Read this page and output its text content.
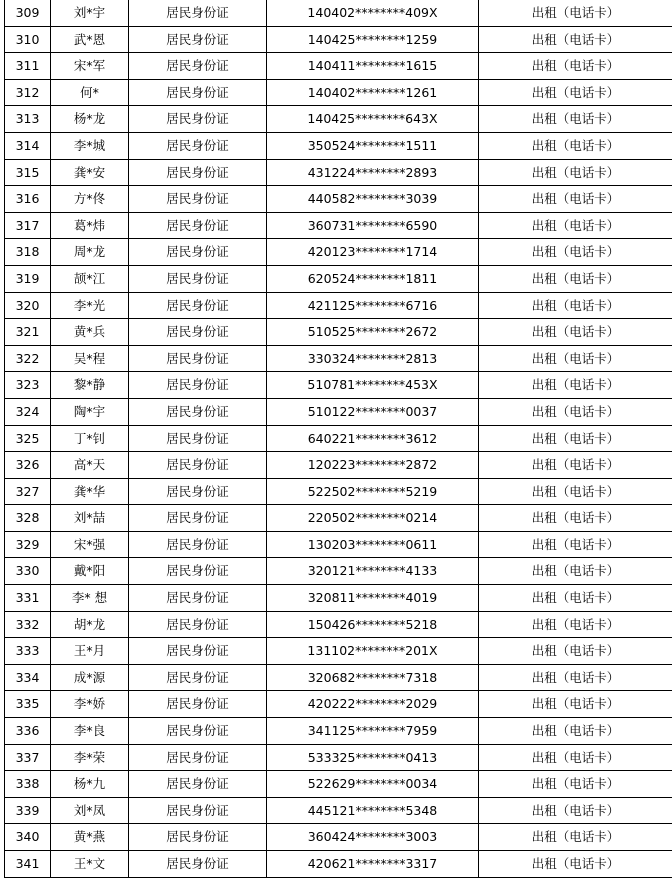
309	刘*宇	居民身份证	140402********409X	出租（电话卡）
310	武*恩	居民身份证	140425********1259	出租（电话卡）
311	宋*军	居民身份证	140411********1615	出租（电话卡）
312	何*	居民身份证	140402********1261	出租（电话卡）
313	杨*龙	居民身份证	140425********643X	出租（电话卡）
314	李*城	居民身份证	350524********1511	出租（电话卡）
315	龚*安	居民身份证	431224********2893	出租（电话卡）
316	方*佟	居民身份证	440582********3039	出租（电话卡）
317	葛*炜	居民身份证	360731********6590	出租（电话卡）
318	周*龙	居民身份证	420123********1714	出租（电话卡）
319	颉*江	居民身份证	620524********1811	出租（电话卡）
320	李*光	居民身份证	421125********6716	出租（电话卡）
321	黄*兵	居民身份证	510525********2672	出租（电话卡）
322	吴*程	居民身份证	330324********2813	出租（电话卡）
323	黎*静	居民身份证	510781********453X	出租（电话卡）
324	陶*宇	居民身份证	510122********0037	出租（电话卡）
325	丁*钊	居民身份证	640221********3612	出租（电话卡）
326	高*天	居民身份证	120223********2872	出租（电话卡）
327	龚*华	居民身份证	522502********5219	出租（电话卡）
328	刘*喆	居民身份证	220502********0214	出租（电话卡）
329	宋*强	居民身份证	130203********0611	出租（电话卡）
330	戴*阳	居民身份证	320121********4133	出租（电话卡）
331	李* 想	居民身份证	320811********4019	出租（电话卡）
332	胡*龙	居民身份证	150426********5218	出租（电话卡）
333	王*月	居民身份证	131102********201X	出租（电话卡）
334	成*源	居民身份证	320682********7318	出租（电话卡）
335	李*娇	居民身份证	420222********2029	出租（电话卡）
336	李*良	居民身份证	341125********7959	出租（电话卡）
337	李*荣	居民身份证	533325********0413	出租（电话卡）
338	杨*九	居民身份证	522629********0034	出租（电话卡）
339	刘*凤	居民身份证	445121********5348	出租（电话卡）
340	黄*燕	居民身份证	360424********3003	出租（电话卡）
341	王*文	居民身份证	420621********3317	出租（电话卡）
